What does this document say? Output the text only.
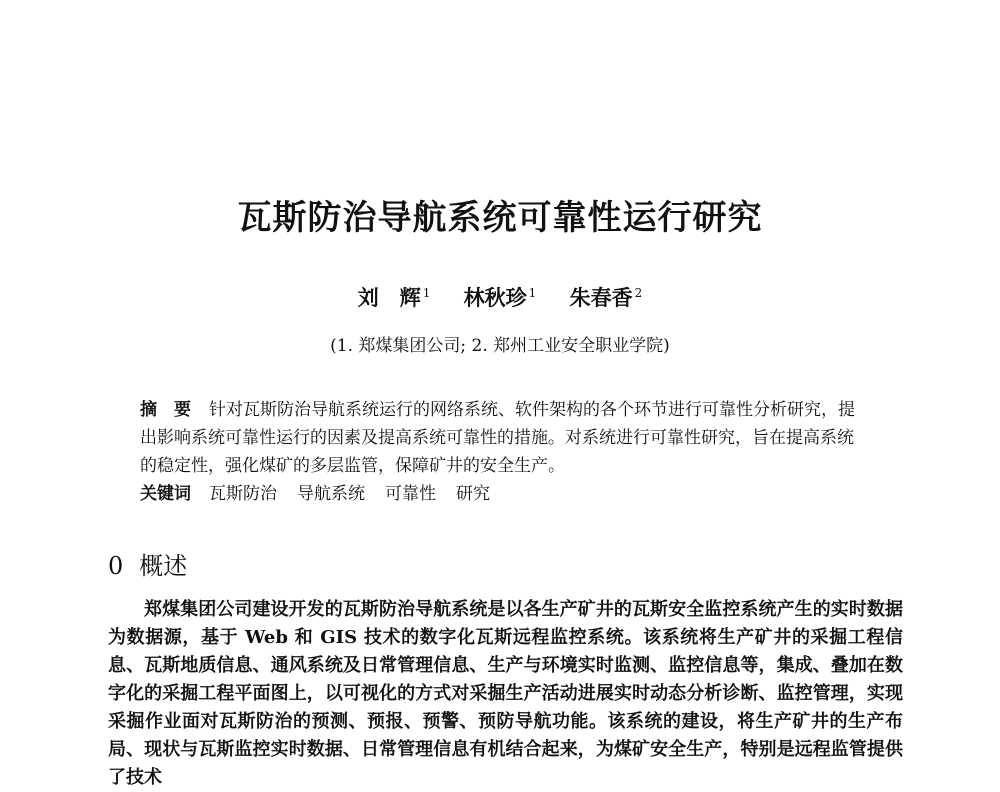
瓦斯防治导航系统可靠性运行研究
刘　辉 $^1$ 林秋珍 $^1$ 朱春香 $^2$
(1. 郑煤集团公司; 2. 郑州工业安全职业学院)

摘　要 针对瓦斯防治导航系统运行的网络系统、软件架构的各个环节进行可靠性分析研究，提出影响系统可靠性运行的因素及提高系统可靠性的措施。对系统进行可靠性研究，旨在提高系统的稳定性，强化煤矿的多层监管，保障矿井的安全生产。

关键词 瓦斯防治 导航系统 可靠性 研究

0 概述

郑煤集团公司建设开发的瓦斯防治导航系统是以各生产矿井的瓦斯安全监控系统产生的实时数据为数据源，基于 Web 和 GIS 技术的数字化瓦斯远程监控系统。该系统将生产矿井的采掘工程信息、瓦斯地质信息、通风系统及日常管理信息、生产与环境实时监测、监控信息等，集成、叠加在数字化的采掘工程平面图上，以可视化的方式对采掘生产活动进展实时动态分析诊断、监控管理，实现采掘作业面对瓦斯防治的预测、预报、预警、预防导航功能。该系统的建设，将生产矿井的生产布局、现状与瓦斯监控实时数据、日常管理信息有机结合起来，为煤矿安全生产，特别是远程监管提供了技术
